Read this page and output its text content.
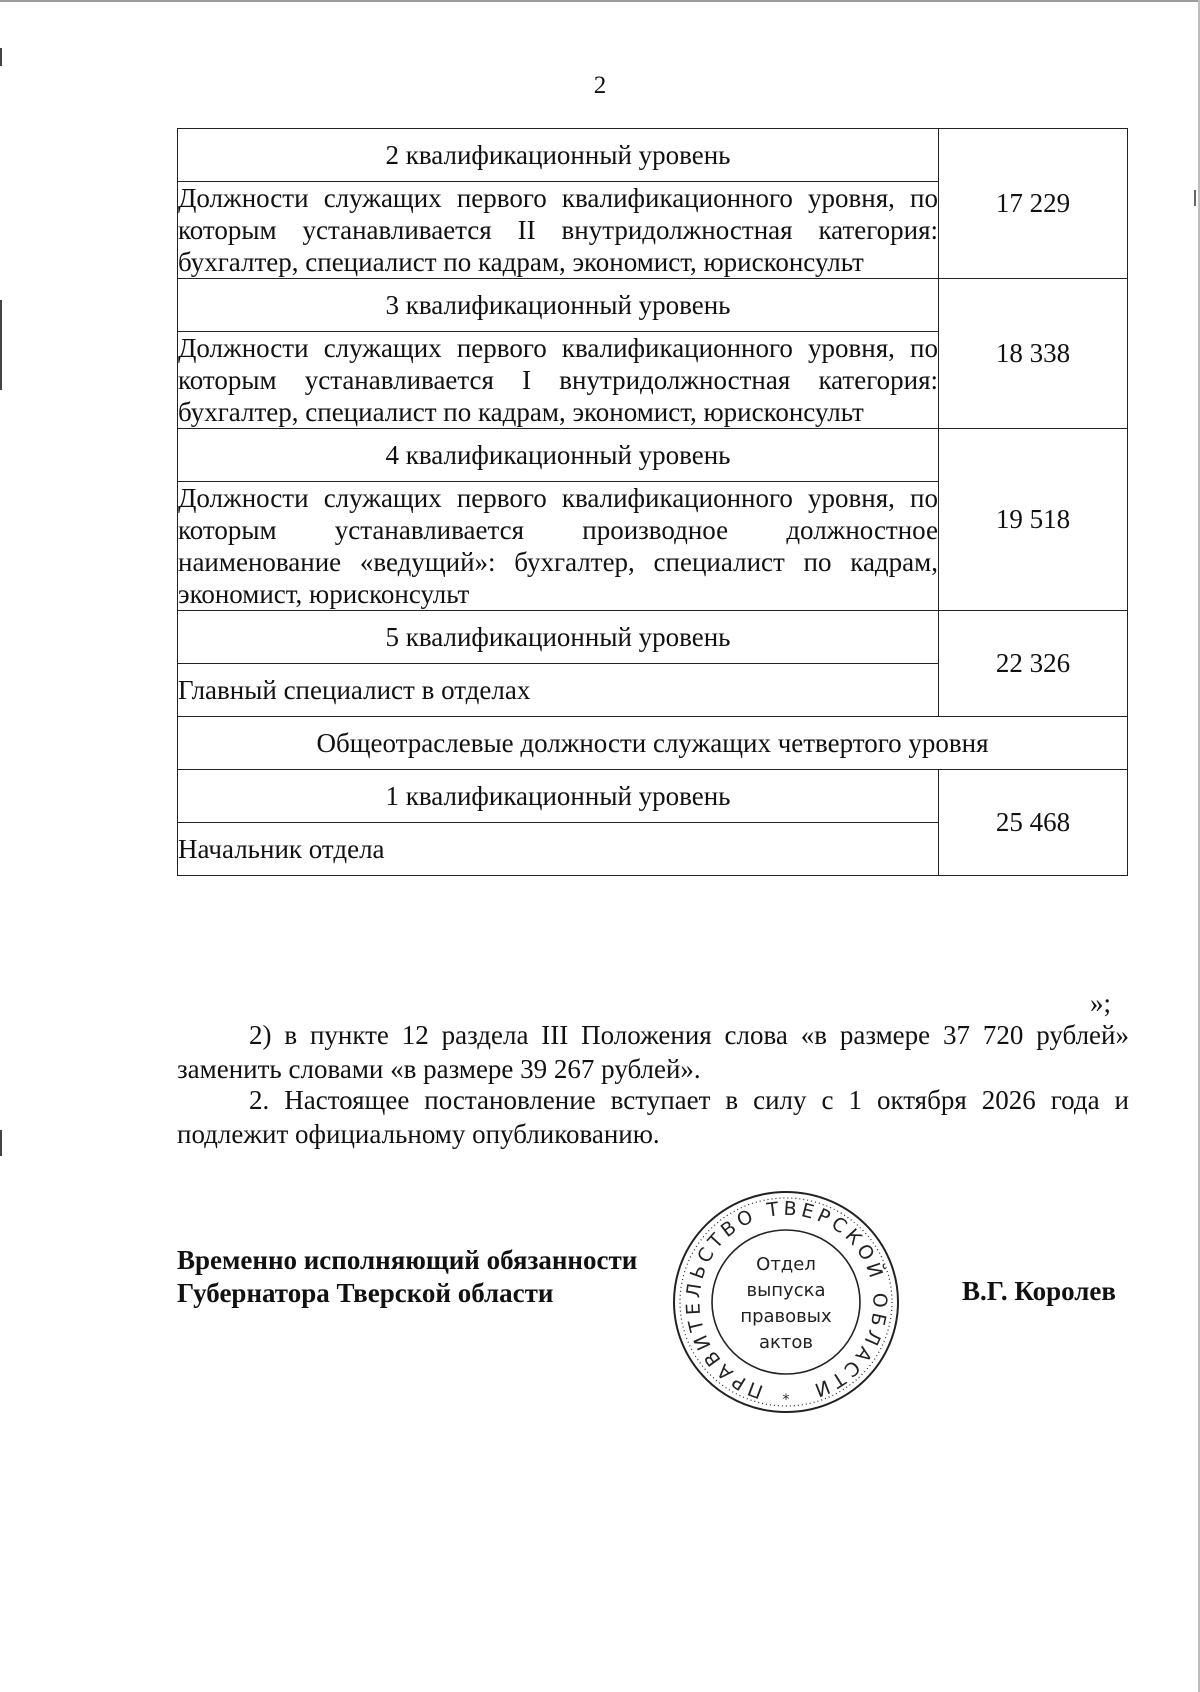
2
2 квалификационный уровень	17 229
Должности служащих первого квалификационного уровня, по которым устанавливается II внутридолжностная категория: бухгалтер, специалист по кадрам, экономист, юрисконсульт	
3 квалификационный уровень	18 338
Должности служащих первого квалификационного уровня, по которым устанавливается I внутридолжностная категория: бухгалтер, специалист по кадрам, экономист, юрисконсульт	
4 квалификационный уровень	19 518
Должности служащих первого квалификационного уровня, по которым устанавливается производное должностное наименование «ведущий»: бухгалтер, специалист по кадрам, экономист, юрисконсульт	
5 квалификационный уровень	22 326
Главный специалист в отделах	
Общеотраслевые должности служащих четвертого уровня	
1 квалификационный уровень	25 468
Начальник отдела	
»;
2) в пункте 12 раздела III Положения слова «в размере 37 720 рублей» заменить словами «в размере 39 267 рублей».
2. Настоящее постановление вступает в силу с 1 октября 2026 года и подлежит официальному опубликованию.
Временно исполняющий обязанности
Губернатора Тверской области
ПРАВИТЕЛЬСТВО ТВЕРСКОЙ ОБЛАСТИ
Отдел
выпуска
правовых
актов
*
В.Г. Королев
